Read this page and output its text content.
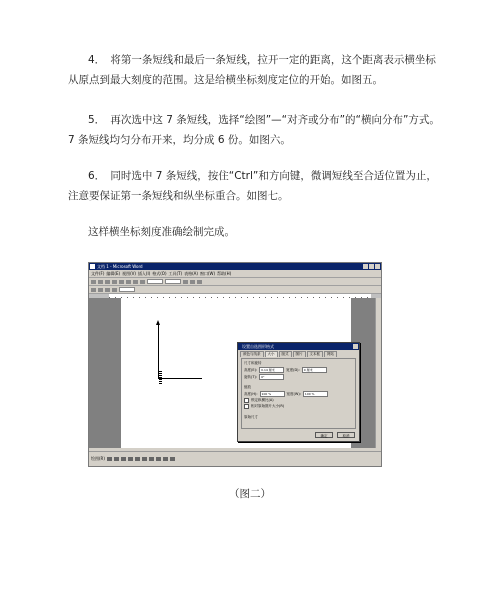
4．　将第一条短线和最后一条短线，拉开一定的距离，这个距离表示横坐标从原点到最大刻度的范围。这是给横坐标刻度定位的开始。如图五。

5．　再次选中这 7 条短线，选择“绘图”—“对齐或分布”的“横向分布”方式。7 条短线均匀分布开来，均分成 6 份。如图六。

6．　同时选中 7 条短线，按住“Ctrl”和方向键，微调短线至合适位置为止，注意要保证第一条短线和纵坐标重合。如图七。

这样横坐标刻度准确绘制完成。

文档 1 - Microsoft Word
文件(F) 编辑(E) 视图(V) 插入(I) 格式(O) 工具(T) 表格(A) 窗口(W) 帮助(H)
设置自选图形格式
颜色与线条	大小	版式	图片	文本框	网站
尺寸和旋转
高度(E):	0.14 厘米	宽度(D):	0 厘米
旋转(T):	0°
缩放
高度(H):	100 %	宽度(W):	100 %
锁定纵横比(A)
相对原始图片大小(R)
原始尺寸
确定	取消
绘图(R)
（图二）
